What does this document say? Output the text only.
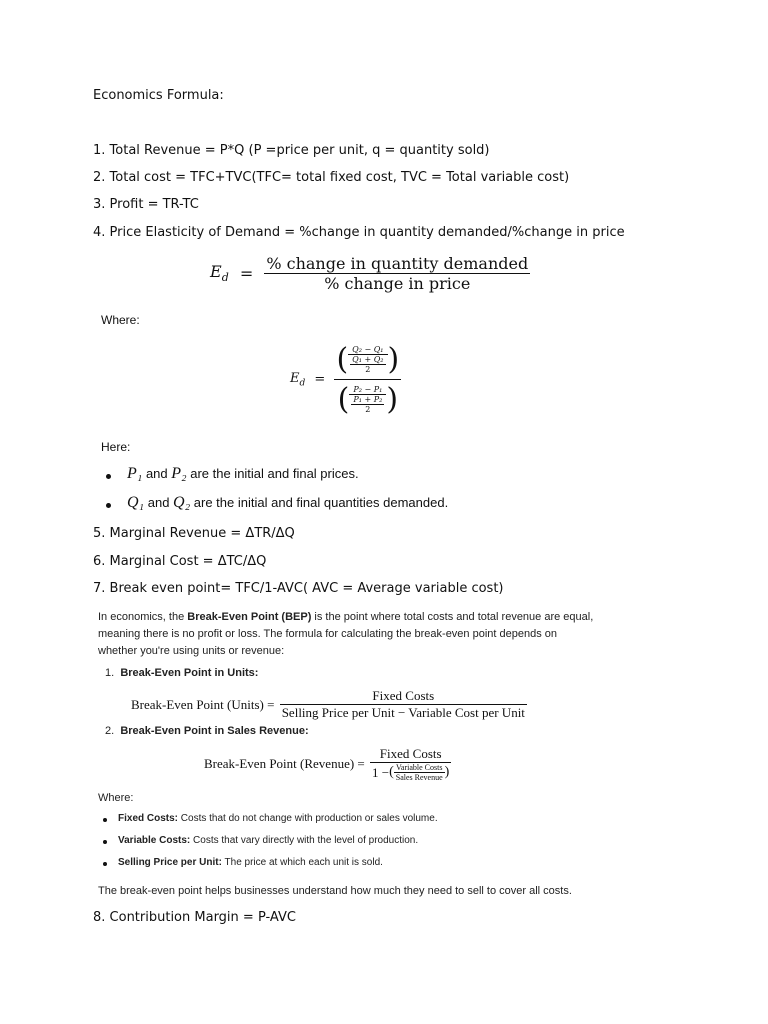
Economics Formula:
1. Total Revenue = P*Q (P =price per unit, q = quantity sold)
2. Total cost = TFC+TVC(TFC= total fixed cost, TVC = Total variable cost)
3. Profit = TR-TC
4. Price Elasticity of Demand = %change in quantity demanded/%change in price
$E_d = \frac{\text{\% change in quantity demanded}}{\text{\% change in price}}$
Where:
$E_d = \frac{( \frac{\text{Q₂ − Q₁}}{\frac{\text{Q₁ + Q₂}}{2}} )}{( \frac{\text{P₂ − P₁}}{\frac{\text{P₁ + P₂}}{2}} )}$
Here:
P₁ and P₂ are the initial and final prices.
Q₁ and Q₂ are the initial and final quantities demanded.
5. Marginal Revenue = ΔTR/ΔQ
6. Marginal Cost = ΔTC/ΔQ
7. Break even point= TFC/1-AVC( AVC = Average variable cost)
In economics, the Break-Even Point (BEP) is the point where total costs and total revenue are equal,
meaning there is no profit or loss. The formula for calculating the break-even point depends on
whether you're using units or revenue:
1. Break-Even Point in Units:
Break-Even Point (Units) = $\frac{\text{Fixed Costs}}{\text{Selling Price per Unit − Variable Cost per Unit}}$
2. Break-Even Point in Sales Revenue:
Break-Even Point (Revenue) = $\frac{\text{Fixed Costs}}{1 -( \frac{\text{Variable Costs}}{\text{Sales Revenue}} )}$
Where:
Fixed Costs: Costs that do not change with production or sales volume.
Variable Costs: Costs that vary directly with the level of production.
Selling Price per Unit: The price at which each unit is sold.
The break-even point helps businesses understand how much they need to sell to cover all costs.
8. Contribution Margin = P-AVC
